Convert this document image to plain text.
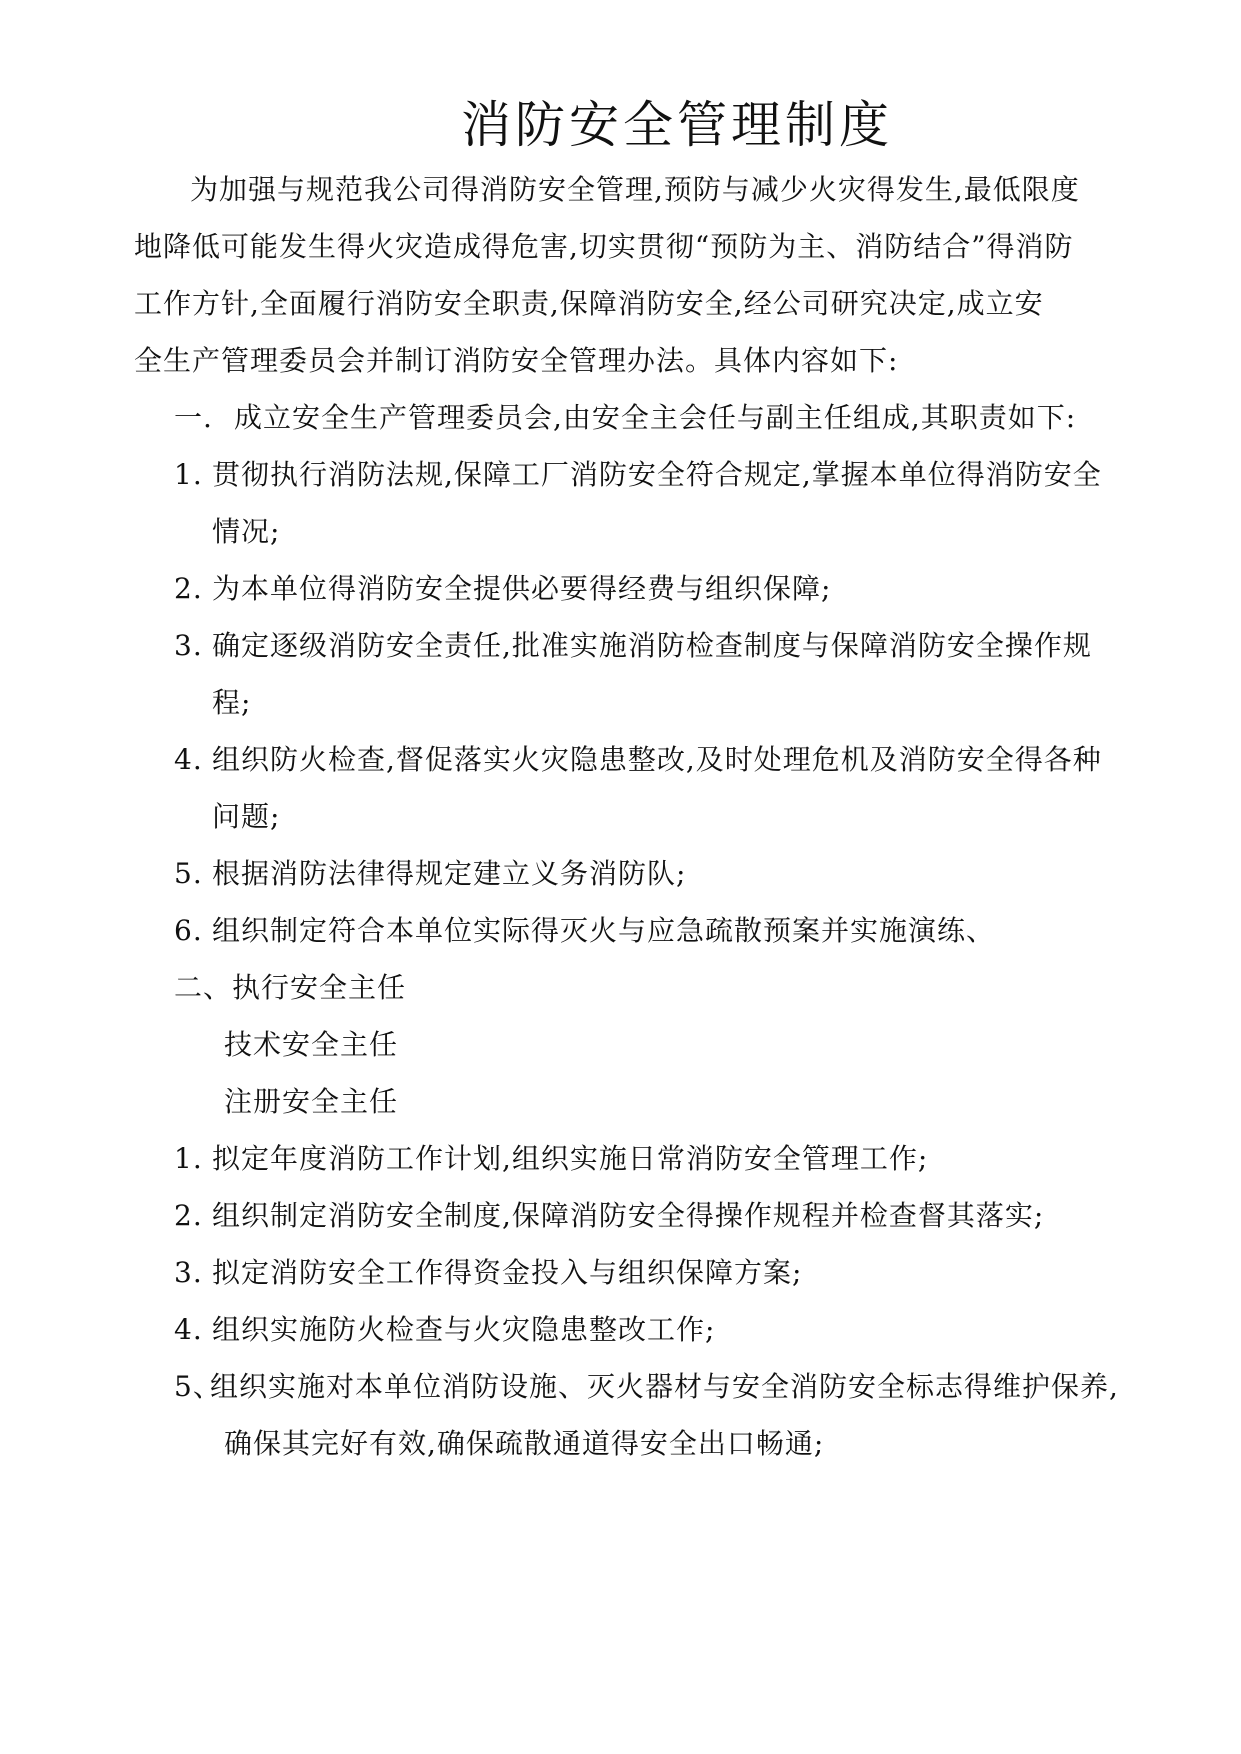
消防安全管理制度
为加强与规范我公司得消防安全管理,预防与减少火灾得发生,最低限度
地降低可能发生得火灾造成得危害,切实贯彻“预防为主、消防结合”得消防
工作方针,全面履行消防安全职责,保障消防安全,经公司研究决定,成立安
全生产管理委员会并制订消防安全管理办法。具体内容如下:
一. 成立安全生产管理委员会,由安全主会任与副主任组成,其职责如下:
1. 贯彻执行消防法规,保障工厂消防安全符合规定,掌握本单位得消防安全
情况;
2. 为本单位得消防安全提供必要得经费与组织保障;
3. 确定逐级消防安全责任,批准实施消防检查制度与保障消防安全操作规
程;
4. 组织防火检查,督促落实火灾隐患整改,及时处理危机及消防安全得各种
问题;
5. 根据消防法律得规定建立义务消防队;
6. 组织制定符合本单位实际得灭火与应急疏散预案并实施演练、
二、执行安全主任
技术安全主任
注册安全主任
1. 拟定年度消防工作计划,组织实施日常消防安全管理工作;
2. 组织制定消防安全制度,保障消防安全得操作规程并检查督其落实;
3. 拟定消防安全工作得资金投入与组织保障方案;
4. 组织实施防火检查与火灾隐患整改工作;
5、组织实施对本单位消防设施、灭火器材与安全消防安全标志得维护保养,
确保其完好有效,确保疏散通道得安全出口畅通;
